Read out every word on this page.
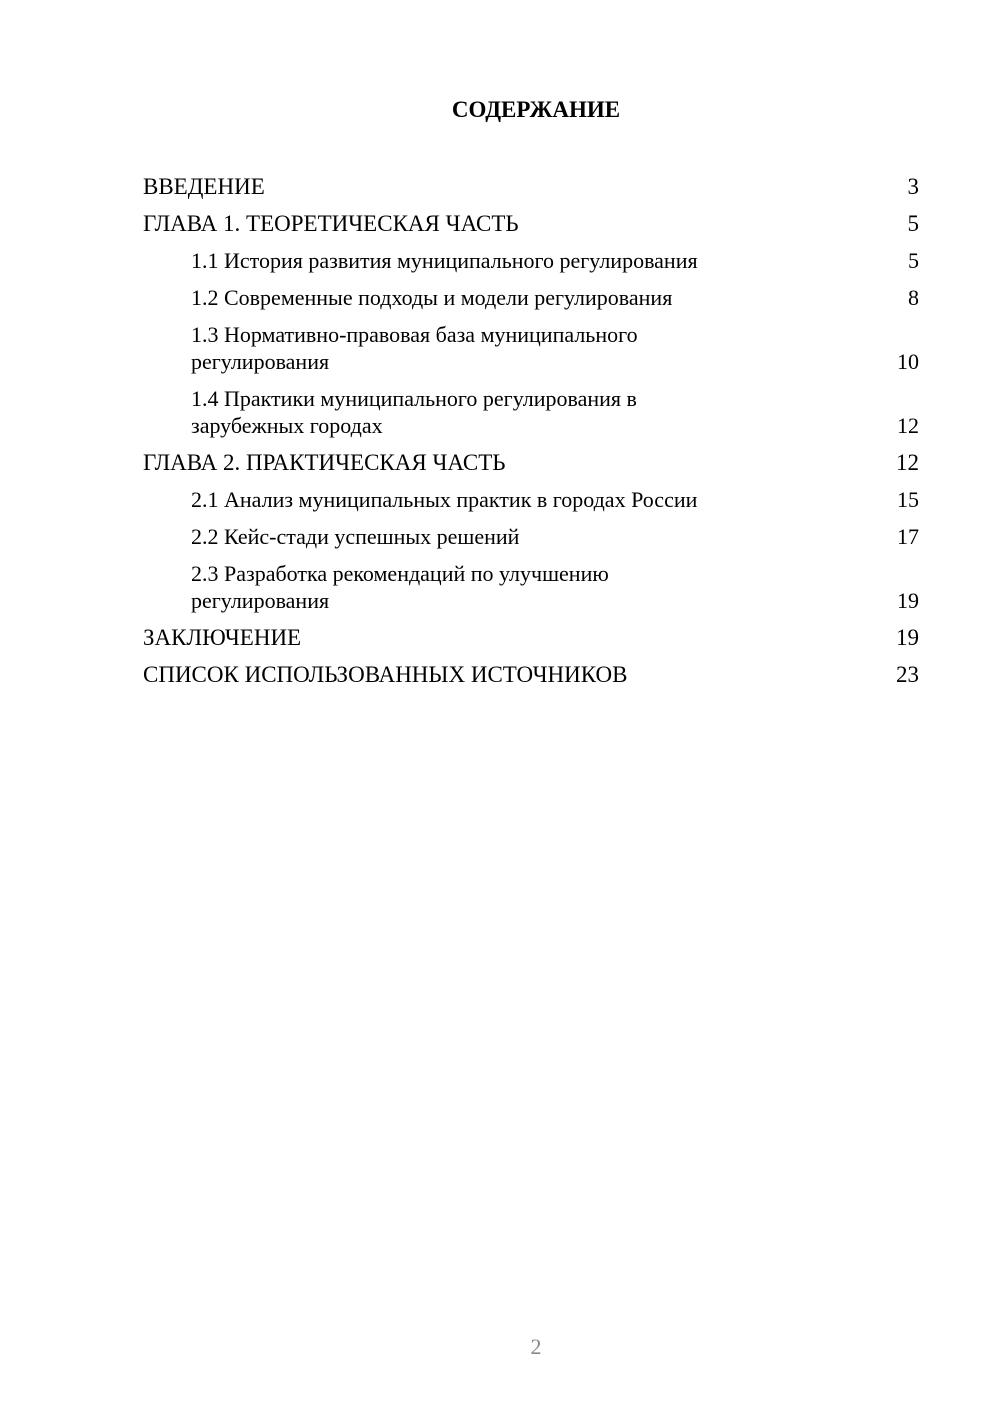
СОДЕРЖАНИЕ
ВВЕДЕНИЕ	3
ГЛАВА 1. ТЕОРЕТИЧЕСКАЯ ЧАСТЬ	5
1.1 История развития муниципального регулирования	5
1.2 Современные подходы и модели регулирования	8
1.3 Нормативно-правовая база муниципального
регулирования	10
1.4 Практики муниципального регулирования в
зарубежных городах	12
ГЛАВА 2. ПРАКТИЧЕСКАЯ ЧАСТЬ	12
2.1 Анализ муниципальных практик в городах России	15
2.2 Кейс-стади успешных решений	17
2.3 Разработка рекомендаций по улучшению
регулирования	19
ЗАКЛЮЧЕНИЕ	19
СПИСОК ИСПОЛЬЗОВАННЫХ ИСТОЧНИКОВ	23
2
